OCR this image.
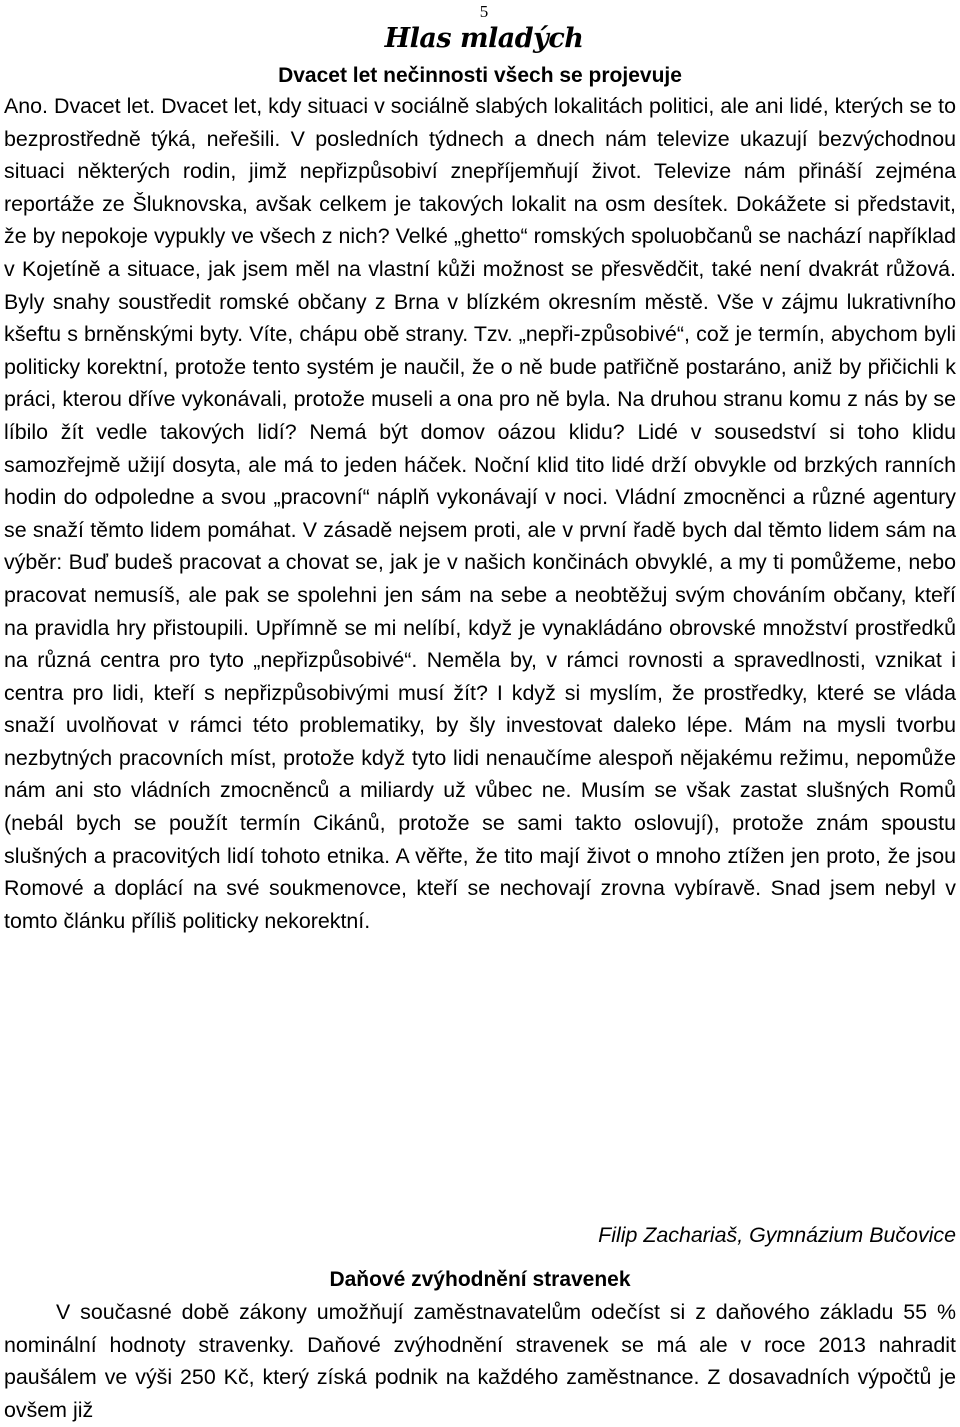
5
Hlas mladých
Dvacet let nečinnosti všech se projevuje

Ano. Dvacet let. Dvacet let, kdy situaci v sociálně slabých lokalitách politici, ale ani lidé, kterých se to bezprostředně týká, neřešili. V posledních týdnech a dnech nám televize ukazují bezvýchodnou situaci některých rodin, jimž nepřizpůsobiví znepříjemňují život. Televize nám přináší zejména reportáže ze Šluknovska, avšak celkem je takových lokalit na osm desítek. Dokážete si představit, že by nepokoje vypukly ve všech z nich? Velké „ghetto“ romských spoluobčanů se nachází například v Kojetíně a situace, jak jsem měl na vlastní kůži možnost se přesvědčit, také není dvakrát růžová. Byly snahy soustředit romské občany z Brna v blízkém okresním městě. Vše v zájmu lukrativního kšeftu s brněnskými byty. Víte, chápu obě strany. Tzv. „nepři-způsobivé“, což je termín, abychom byli politicky korektní, protože tento systém je naučil, že o ně bude patřičně postaráno, aniž by přičichli k práci, kterou dříve vykonávali, protože museli a ona pro ně byla. Na druhou stranu komu z nás by se líbilo žít vedle takových lidí? Nemá být domov oázou klidu? Lidé v sousedství si toho klidu samozřejmě užijí dosyta, ale má to jeden háček. Noční klid tito lidé drží obvykle od brzkých ranních hodin do odpoledne a svou „pracovní“ náplň vykonávají v noci. Vládní zmocněnci a různé agentury se snaží těmto lidem pomáhat. V zásadě nejsem proti, ale v první řadě bych dal těmto lidem sám na výběr: Buď budeš pracovat a chovat se, jak je v našich končinách obvyklé, a my ti pomůžeme, nebo pracovat nemusíš, ale pak se spolehni jen sám na sebe a neobtěžuj svým chováním občany, kteří na pravidla hry přistoupili. Upřímně se mi nelíbí, když je vynakládáno obrovské množství prostředků na různá centra pro tyto „nepřizpůsobivé“. Neměla by, v rámci rovnosti a spravedlnosti, vznikat i centra pro lidi, kteří s nepřizpůsobivými musí žít? I když si myslím, že prostředky, které se vláda snaží uvolňovat v rámci této problematiky, by šly investovat daleko lépe. Mám na mysli tvorbu nezbytných pracovních míst, protože když tyto lidi nenaučíme alespoň nějakému režimu, nepomůže nám ani sto vládních zmocněnců a miliardy už vůbec ne. Musím se však zastat slušných Romů (nebál bych se použít termín Cikánů, protože se sami takto oslovují), protože znám spoustu slušných a pracovitých lidí tohoto etnika. A věřte, že tito mají život o mnoho ztížen jen proto, že jsou Romové a doplácí na své soukmenovce, kteří se nechovají zrovna vybíravě. Snad jsem nebyl v tomto článku příliš politicky nekorektní.

Filip Zachariaš, Gymnázium Bučovice
Daňové zvýhodnění stravenek

V současné době zákony umožňují zaměstnavatelům odečíst si z daňového základu 55 % nominální hodnoty stravenky. Daňové zvýhodnění stravenek se má ale v roce 2013 nahradit paušálem ve výši 250 Kč, který získá podnik na každého zaměstnance. Z dosavadních výpočtů je ovšem již
